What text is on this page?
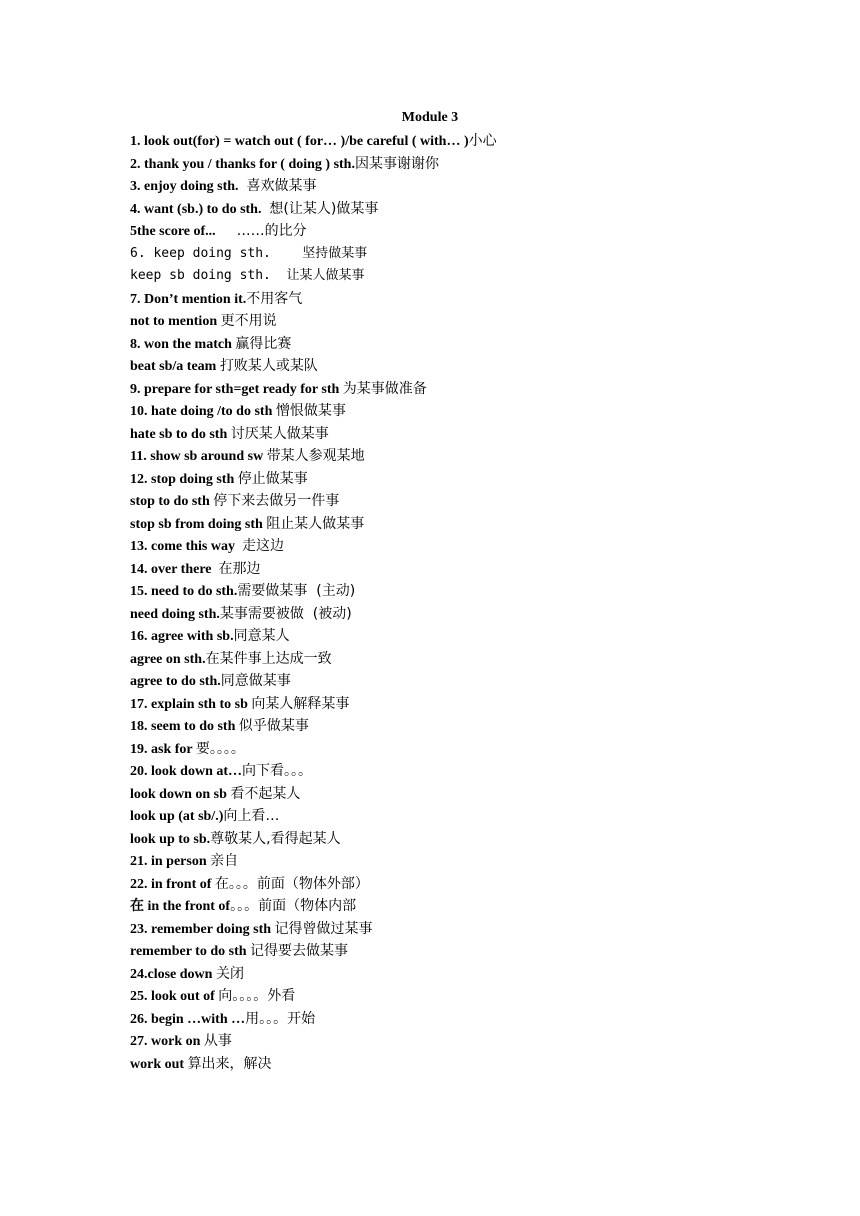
Module 3
1. look out(for) = watch out ( for… )/be careful ( with… )小心
2. thank you / thanks for ( doing ) sth.因某事谢谢你
3. enjoy doing sth.  喜欢做某事
4. want (sb.) to do sth.  想(让某人)做某事
5the score of...      ……的比分
6. keep doing sth.    坚持做某事
keep sb doing sth.  让某人做某事
7. Don’t mention it.不用客气
not to mention 更不用说
8. won the match 赢得比赛
beat sb/a team 打败某人或某队
9. prepare for sth=get ready for sth 为某事做准备
10. hate doing /to do sth 憎恨做某事
hate sb to do sth 讨厌某人做某事
11. show sb around sw 带某人参观某地
12. stop doing sth 停止做某事
stop to do sth 停下来去做另一件事
stop sb from doing sth 阻止某人做某事
13. come this way  走这边
14. over there  在那边
15. need to do sth.需要做某事  (主动)
need doing sth.某事需要被做  (被动)
16. agree with sb.同意某人
agree on sth.在某件事上达成一致
agree to do sth.同意做某事
17. explain sth to sb 向某人解释某事
18. seem to do sth 似乎做某事
19. ask for 要。。。。
20. look down at…向下看。。。
look down on sb 看不起某人
look up (at sb/.)向上看…
look up to sb.尊敬某人,看得起某人
21. in person 亲自
22. in front of 在。。。前面（物体外部）
在 in the front of。。。前面（物体内部
23. remember doing sth 记得曾做过某事
remember to do sth 记得要去做某事
24.close down 关闭
25. look out of 向。。。。外看
26. begin …with …用。。。开始
27. work on 从事
work out 算出来，解决
